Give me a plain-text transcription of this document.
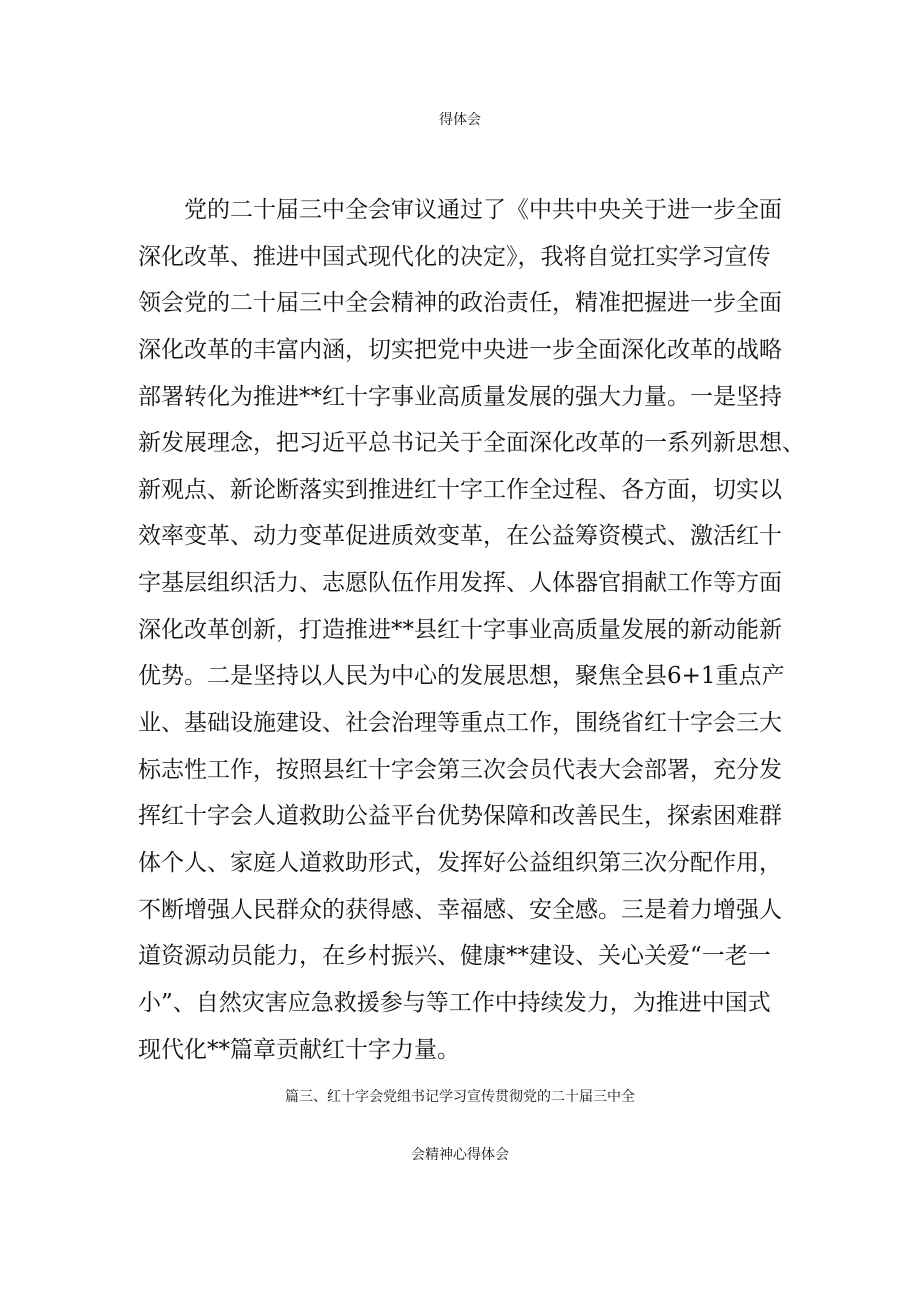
得体会
党的二十届三中全会审议通过了《中共中央关于进一步全面
深化改革、推进中国式现代化的决定》，我将自觉扛实学习宣传
领会党的二十届三中全会精神的政治责任，精准把握进一步全面
深化改革的丰富内涵，切实把党中央进一步全面深化改革的战略
部署转化为推进**红十字事业高质量发展的强大力量。一是坚持
新发展理念，把习近平总书记关于全面深化改革的一系列新思想、
新观点、新论断落实到推进红十字工作全过程、各方面，切实以
效率变革、动力变革促进质效变革，在公益筹资模式、激活红十
字基层组织活力、志愿队伍作用发挥、人体器官捐献工作等方面
深化改革创新，打造推进**县红十字事业高质量发展的新动能新
优势。二是坚持以人民为中心的发展思想，聚焦全县6+1重点产
业、基础设施建设、社会治理等重点工作，围绕省红十字会三大
标志性工作，按照县红十字会第三次会员代表大会部署，充分发
挥红十字会人道救助公益平台优势保障和改善民生，探索困难群
体个人、家庭人道救助形式，发挥好公益组织第三次分配作用，
不断增强人民群众的获得感、幸福感、安全感。三是着力增强人
道资源动员能力，在乡村振兴、健康**建设、关心关爱“一老一
小”、自然灾害应急救援参与等工作中持续发力，为推进中国式
现代化**篇章贡献红十字力量。
篇三、红十字会党组书记学习宣传贯彻党的二十届三中全
会精神心得体会
